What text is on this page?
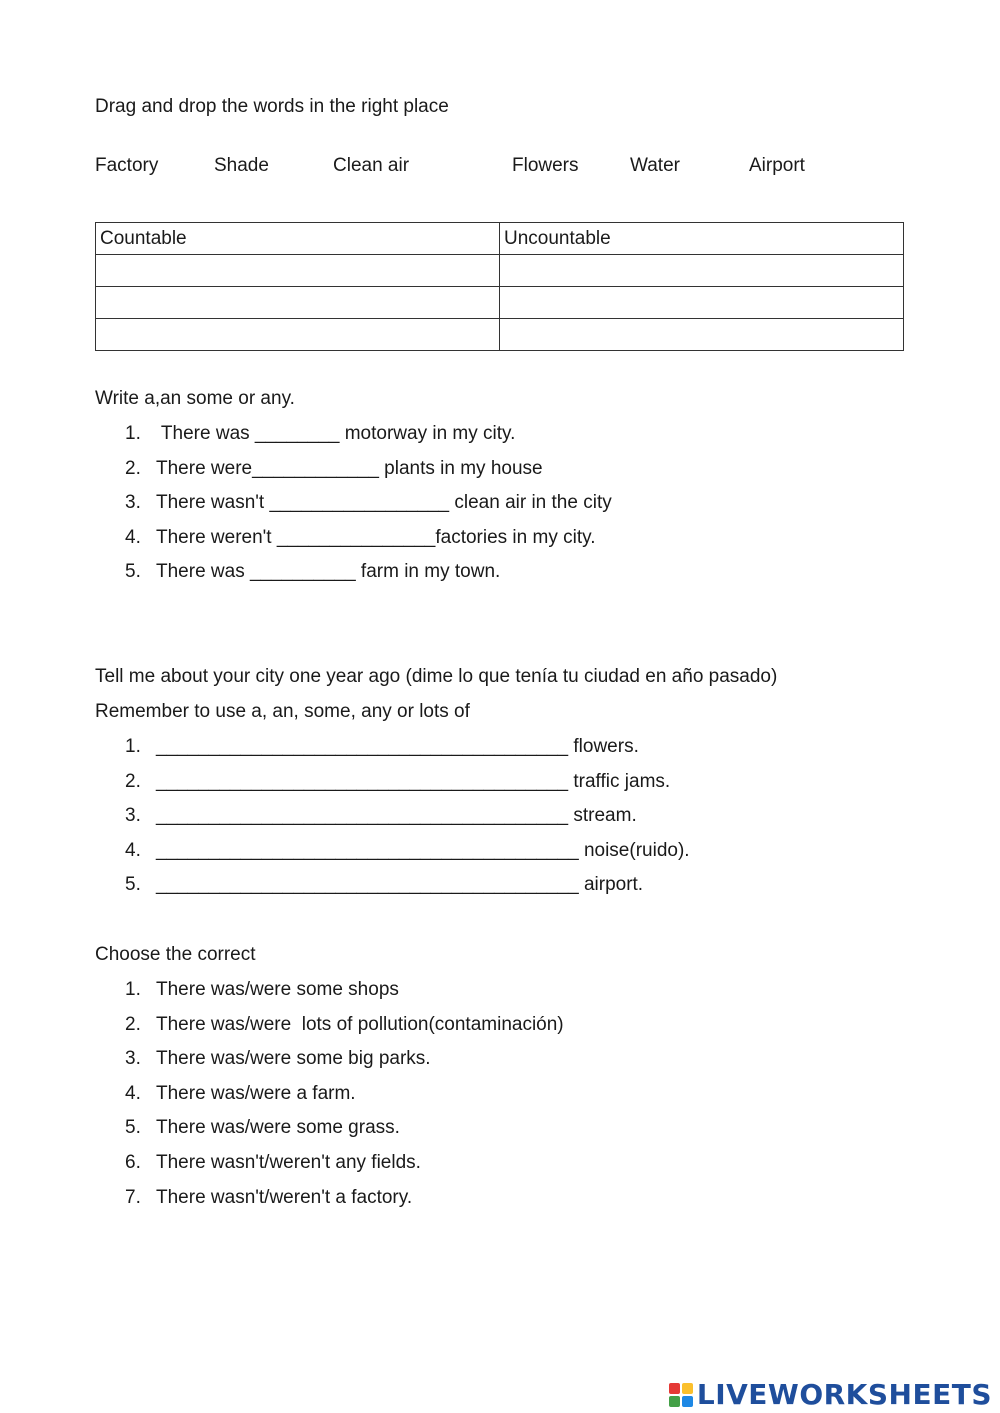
Drag and drop the words in the right place
Factory	Shade	Clean air	Flowers	Water	Airport
Countable	Uncountable

Write a,an some or any.
1. There was ________ motorway in my city.
2. There were____________ plants in my house
3. There wasn't _________________ clean air in the city
4. There weren't _______________factories in my city.
5. There was __________ farm in my town.
Tell me about your city one year ago (dime lo que tenía tu ciudad en año pasado)
Remember to use a, an, some, any or lots of
1. _______________________________________ flowers.
2. _______________________________________ traffic jams.
3. _______________________________________ stream.
4. ________________________________________ noise(ruido).
5. ________________________________________ airport.
Choose the correct
1. There was/were some shops
2. There was/were  lots of pollution(contaminación)
3. There was/were some big parks.
4. There was/were a farm.
5. There was/were some grass.
6. There wasn't/weren't any fields.
7. There wasn't/weren't a factory.
LIVEWORKSHEETS
